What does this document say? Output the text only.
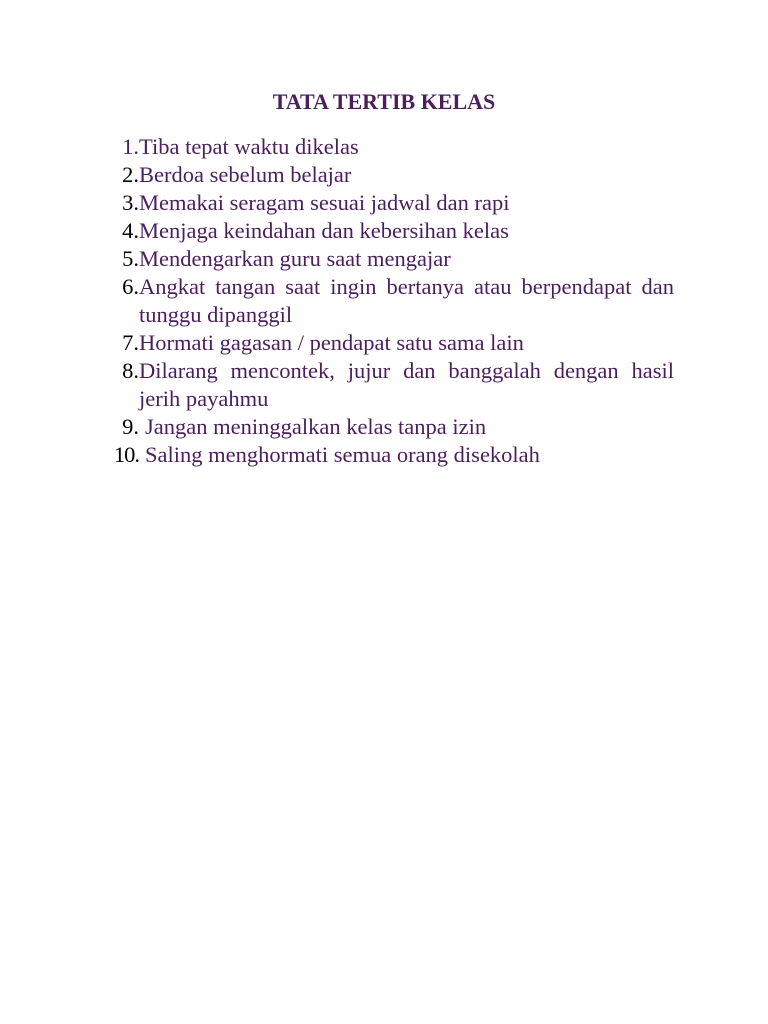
TATA TERTIB KELAS
1. Tiba tepat waktu dikelas
2. Berdoa sebelum belajar
3. Memakai seragam sesuai jadwal dan rapi
4. Menjaga keindahan dan kebersihan kelas
5. Mendengarkan guru saat mengajar
6. Angkat tangan saat ingin bertanya atau berpendapat dan tunggu dipanggil
7. Hormati gagasan / pendapat satu sama lain
8. Dilarang mencontek, jujur dan banggalah dengan hasil jerih payahmu
9. Jangan meninggalkan kelas tanpa izin
10. Saling menghormati semua orang disekolah
